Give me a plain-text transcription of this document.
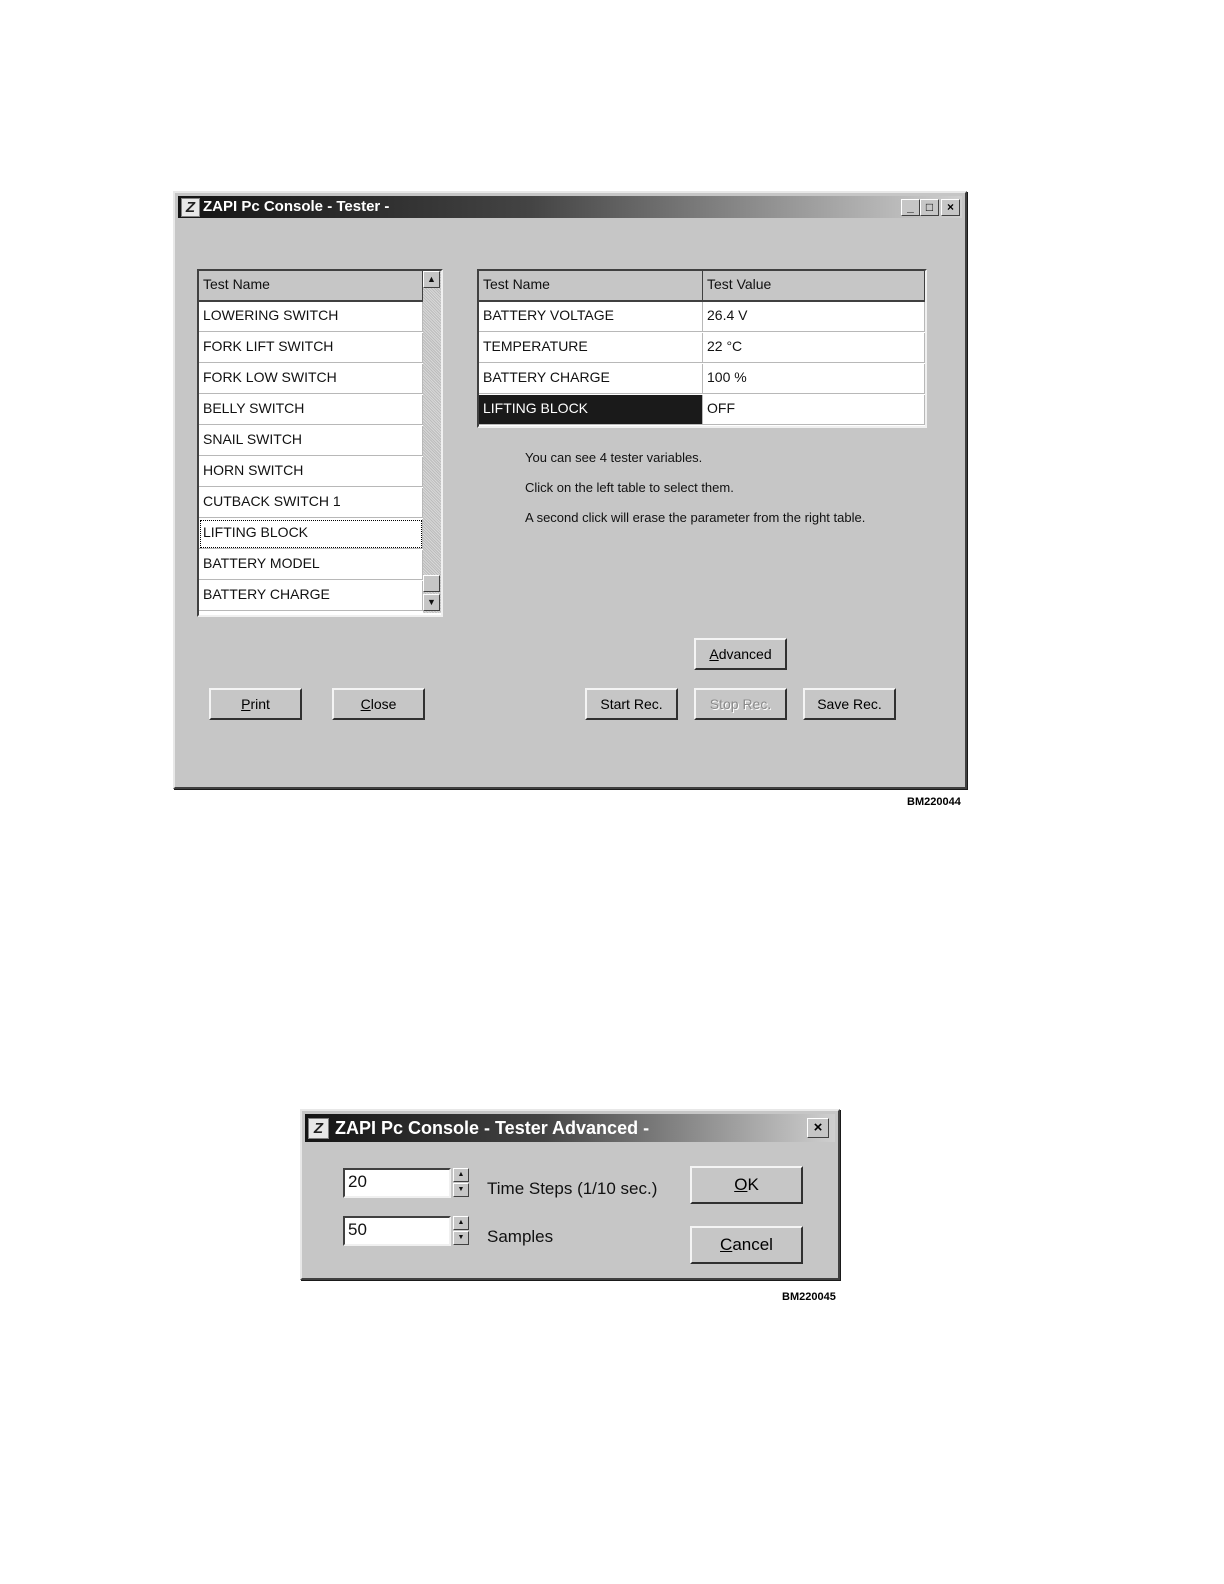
Z ZAPI Pc Console - Tester -	_	□	×
Test Name
LOWERING SWITCH
FORK LIFT SWITCH
FORK LOW SWITCH
BELLY SWITCH
SNAIL SWITCH
HORN SWITCH
CUTBACK SWITCH 1
LIFTING BLOCK
BATTERY MODEL
BATTERY CHARGE
▲
▼
Test Name	Test Value
BATTERY VOLTAGE	26.4 V
TEMPERATURE	22 °C
BATTERY CHARGE	100 %
LIFTING BLOCK	OFF
You can see 4 tester variables.
Click on the left table to select them.
A second click will erase the parameter from the right table.
Advanced
Print	Close	Start Rec.	Stop Rec.	Save Rec.
BM220044
Z ZAPI Pc Console - Tester Advanced -	×
20	▲
▼ Time Steps (1/10 sec.)
50	▲
▼ Samples
OK
Cancel
BM220045
